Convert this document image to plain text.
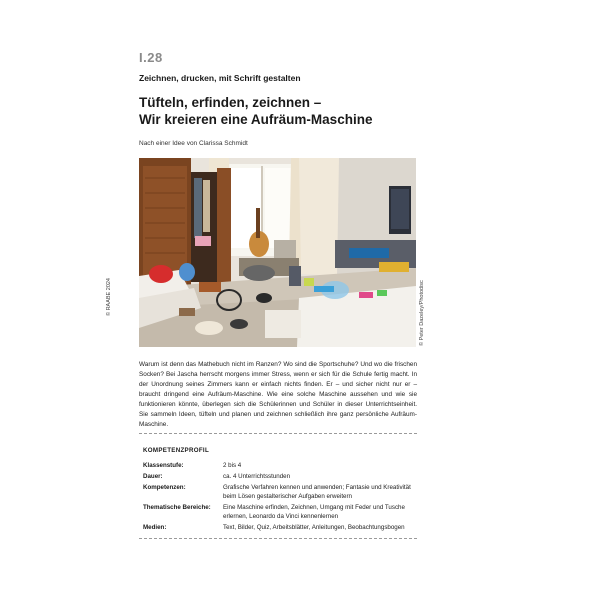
I.28
Zeichnen, drucken, mit Schrift gestalten
Tüfteln, erfinden, zeichnen –
Wir kreieren eine Aufräum-Maschine
Nach einer Idee von Clarissa Schmidt
© Peter Dazeley/Photodisc
© RAABE 2024
Warum ist denn das Mathebuch nicht im Ranzen? Wo sind die Sportschuhe? Und wo die frischen Socken? Bei Jascha herrscht morgens immer Stress, wenn er sich für die Schule fertig macht. In der Unordnung seines Zimmers kann er einfach nichts finden. Er – und sicher nicht nur er – braucht dringend eine Aufräum-Maschine. Wie eine solche Maschine aussehen und wie sie funktionieren könnte, überlegen sich die Schülerinnen und Schüler in dieser Unterrichtseinheit. Sie sammeln Ideen, tüfteln und planen und zeichnen schließlich ihre ganz persönliche Aufräum-Maschine.
KOMPETENZPROFIL
Klassenstufe:	2 bis 4
Dauer:	ca. 4 Unterrichtsstunden
Kompetenzen:	Grafische Verfahren kennen und anwenden; Fantasie und Kreativität beim Lösen gestalterischer Aufgaben erweitern
Thematische Bereiche:	Eine Maschine erfinden, Zeichnen, Umgang mit Feder und Tusche erlernen, Leonardo da Vinci kennenlernen
Medien:	Text, Bilder, Quiz, Arbeitsblätter, Anleitungen, Beobachtungsbogen
